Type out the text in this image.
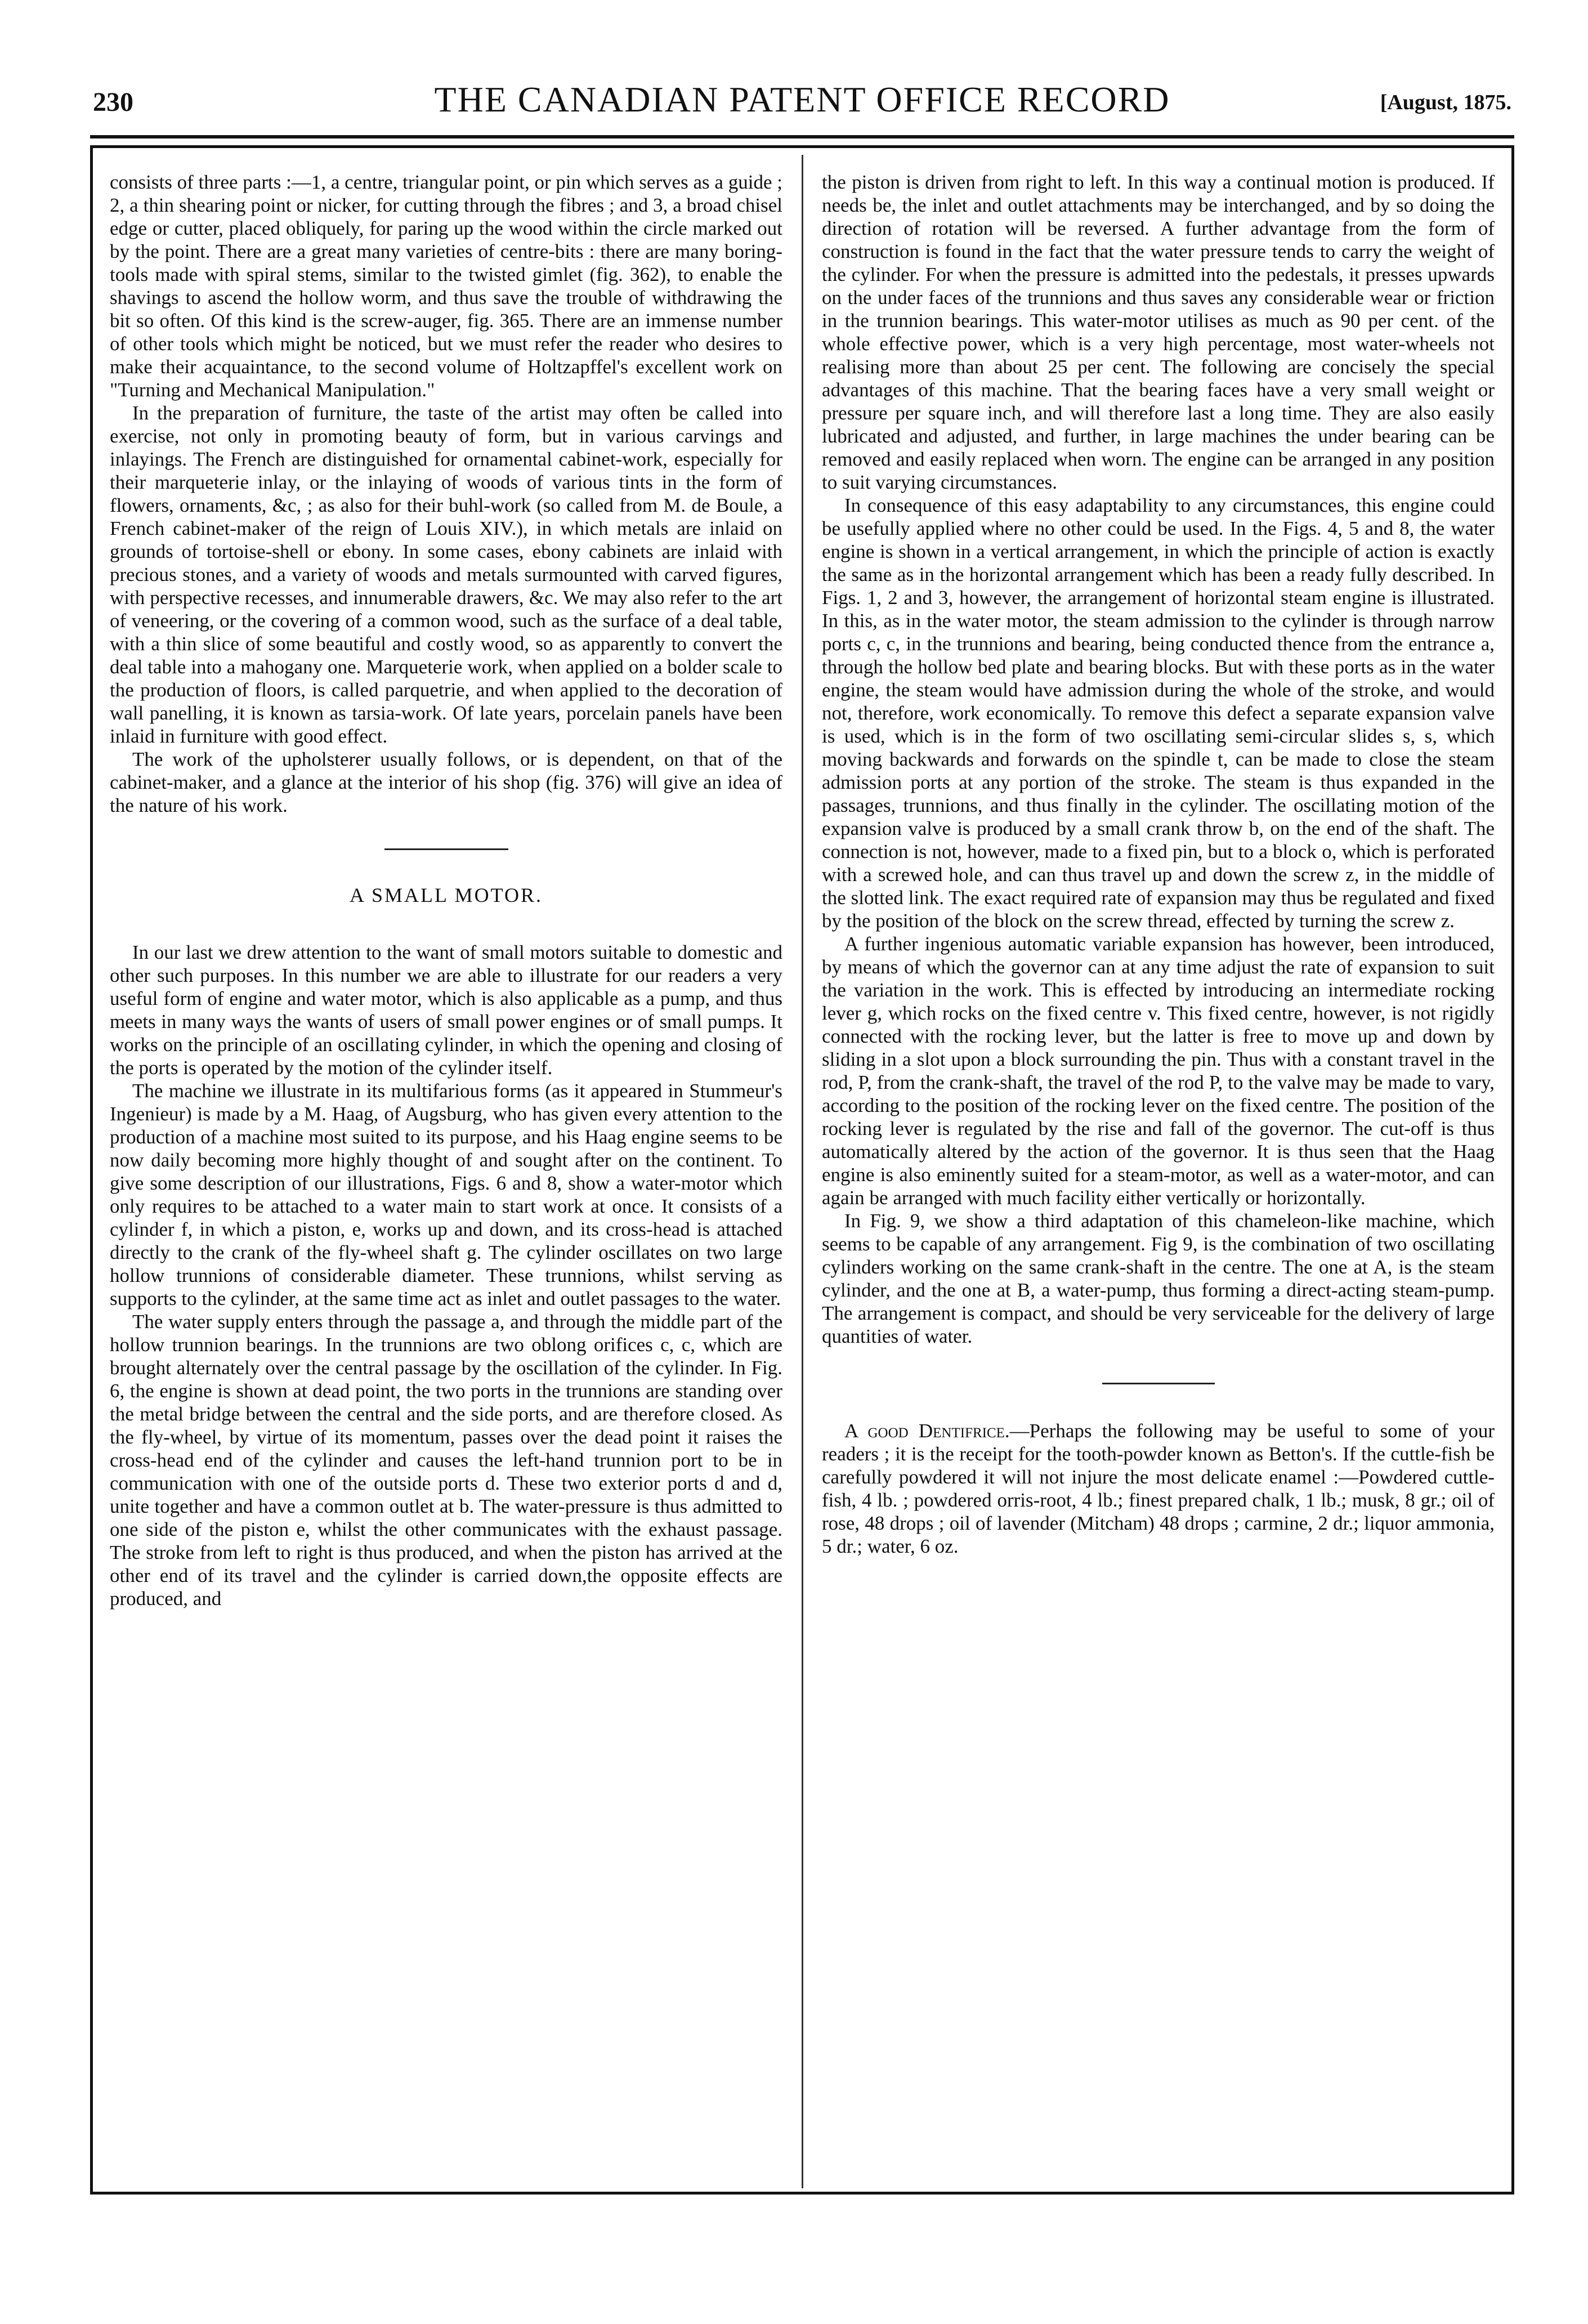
230	THE CANADIAN PATENT OFFICE RECORD	[August, 1875.

consists of three parts :—1, a centre, triangular point, or pin which serves as a guide ; 2, a thin shearing point or nicker, for cutting through the fibres ; and 3, a broad chisel edge or cutter, placed obliquely, for paring up the wood within the circle marked out by the point. There are a great many varieties of centre-bits : there are many boring-tools made with spiral stems, similar to the twisted gimlet (fig. 362), to enable the shavings to ascend the hollow worm, and thus save the trouble of withdrawing the bit so often. Of this kind is the screw-auger, fig. 365. There are an immense number of other tools which might be noticed, but we must refer the reader who desires to make their acquaintance, to the second volume of Holtzapffel's excellent work on "Turning and Mechanical Manipulation."

In the preparation of furniture, the taste of the artist may often be called into exercise, not only in promoting beauty of form, but in various carvings and inlayings. The French are distinguished for ornamental cabinet-work, especially for their marqueterie inlay, or the inlaying of woods of various tints in the form of flowers, ornaments, &c, ; as also for their buhl-work (so called from M. de Boule, a French cabinet-maker of the reign of Louis XIV.), in which metals are inlaid on grounds of tortoise-shell or ebony. In some cases, ebony cabinets are inlaid with precious stones, and a variety of woods and metals surmounted with carved figures, with perspective recesses, and innumerable drawers, &c. We may also refer to the art of veneering, or the covering of a common wood, such as the surface of a deal table, with a thin slice of some beautiful and costly wood, so as apparently to convert the deal table into a mahogany one. Marqueterie work, when applied on a bolder scale to the production of floors, is called parquetrie, and when applied to the decoration of wall panelling, it is known as tarsia-work. Of late years, porcelain panels have been inlaid in furniture with good effect.

The work of the upholsterer usually follows, or is dependent, on that of the cabinet-maker, and a glance at the interior of his shop (fig. 376) will give an idea of the nature of his work.

A SMALL MOTOR.

In our last we drew attention to the want of small motors suitable to domestic and other such purposes. In this number we are able to illustrate for our readers a very useful form of engine and water motor, which is also applicable as a pump, and thus meets in many ways the wants of users of small power engines or of small pumps. It works on the principle of an oscillating cylinder, in which the opening and closing of the ports is operated by the motion of the cylinder itself.

The machine we illustrate in its multifarious forms (as it appeared in Stummeur's Ingenieur) is made by a M. Haag, of Augsburg, who has given every attention to the production of a machine most suited to its purpose, and his Haag engine seems to be now daily becoming more highly thought of and sought after on the continent. To give some description of our illustrations, Figs. 6 and 8, show a water-motor which only requires to be attached to a water main to start work at once. It consists of a cylinder f, in which a piston, e, works up and down, and its cross-head is attached directly to the crank of the fly-wheel shaft g. The cylinder oscillates on two large hollow trunnions of considerable diameter. These trunnions, whilst serving as supports to the cylinder, at the same time act as inlet and outlet passages to the water.

The water supply enters through the passage a, and through the middle part of the hollow trunnion bearings. In the trunnions are two oblong orifices c, c, which are brought alternately over the central passage by the oscillation of the cylinder. In Fig. 6, the engine is shown at dead point, the two ports in the trunnions are standing over the metal bridge between the central and the side ports, and are therefore closed. As the fly-wheel, by virtue of its momentum, passes over the dead point it raises the cross-head end of the cylinder and causes the left-hand trunnion port to be in communication with one of the outside ports d. These two exterior ports d and d, unite together and have a common outlet at b. The water-pressure is thus admitted to one side of the piston e, whilst the other communicates with the exhaust passage. The stroke from left to right is thus produced, and when the piston has arrived at the other end of its travel and the cylinder is carried down,the opposite effects are produced, and

the piston is driven from right to left. In this way a continual motion is produced. If needs be, the inlet and outlet attachments may be interchanged, and by so doing the direction of rotation will be reversed. A further advantage from the form of construction is found in the fact that the water pressure tends to carry the weight of the cylinder. For when the pressure is admitted into the pedestals, it presses upwards on the under faces of the trunnions and thus saves any considerable wear or friction in the trunnion bearings. This water-motor utilises as much as 90 per cent. of the whole effective power, which is a very high percentage, most water-wheels not realising more than about 25 per cent. The following are concisely the special advantages of this machine. That the bearing faces have a very small weight or pressure per square inch, and will therefore last a long time. They are also easily lubricated and adjusted, and further, in large machines the under bearing can be removed and easily replaced when worn. The engine can be arranged in any position to suit varying circumstances.

In consequence of this easy adaptability to any circumstances, this engine could be usefully applied where no other could be used. In the Figs. 4, 5 and 8, the water engine is shown in a vertical arrangement, in which the principle of action is exactly the same as in the horizontal arrangement which has been a ready fully described. In Figs. 1, 2 and 3, however, the arrangement of horizontal steam engine is illustrated. In this, as in the water motor, the steam admission to the cylinder is through narrow ports c, c, in the trunnions and bearing, being conducted thence from the entrance a, through the hollow bed plate and bearing blocks. But with these ports as in the water engine, the steam would have admission during the whole of the stroke, and would not, therefore, work economically. To remove this defect a separate expansion valve is used, which is in the form of two oscillating semi-circular slides s, s, which moving backwards and forwards on the spindle t, can be made to close the steam admission ports at any portion of the stroke. The steam is thus expanded in the passages, trunnions, and thus finally in the cylinder. The oscillating motion of the expansion valve is produced by a small crank throw b, on the end of the shaft. The connection is not, however, made to a fixed pin, but to a block o, which is perforated with a screwed hole, and can thus travel up and down the screw z, in the middle of the slotted link. The exact required rate of expansion may thus be regulated and fixed by the position of the block on the screw thread, effected by turning the screw z.

A further ingenious automatic variable expansion has however, been introduced, by means of which the governor can at any time adjust the rate of expansion to suit the variation in the work. This is effected by introducing an intermediate rocking lever g, which rocks on the fixed centre v. This fixed centre, however, is not rigidly connected with the rocking lever, but the latter is free to move up and down by sliding in a slot upon a block surrounding the pin. Thus with a constant travel in the rod, P, from the crank-shaft, the travel of the rod P, to the valve may be made to vary, according to the position of the rocking lever on the fixed centre. The position of the rocking lever is regulated by the rise and fall of the governor. The cut-off is thus automatically altered by the action of the governor. It is thus seen that the Haag engine is also eminently suited for a steam-motor, as well as a water-motor, and can again be arranged with much facility either vertically or horizontally.

In Fig. 9, we show a third adaptation of this chameleon-like machine, which seems to be capable of any arrangement. Fig 9, is the combination of two oscillating cylinders working on the same crank-shaft in the centre. The one at A, is the steam cylinder, and the one at B, a water-pump, thus forming a direct-acting steam-pump. The arrangement is compact, and should be very serviceable for the delivery of large quantities of water.

A good Dentifrice.—Perhaps the following may be useful to some of your readers ; it is the receipt for the tooth-powder known as Betton's. If the cuttle-fish be carefully powdered it will not injure the most delicate enamel :—Powdered cuttle-fish, 4 lb. ; powdered orris-root, 4 lb.; finest prepared chalk, 1 lb.; musk, 8 gr.; oil of rose, 48 drops ; oil of lavender (Mitcham) 48 drops ; carmine, 2 dr.; liquor ammonia, 5 dr.; water, 6 oz.
